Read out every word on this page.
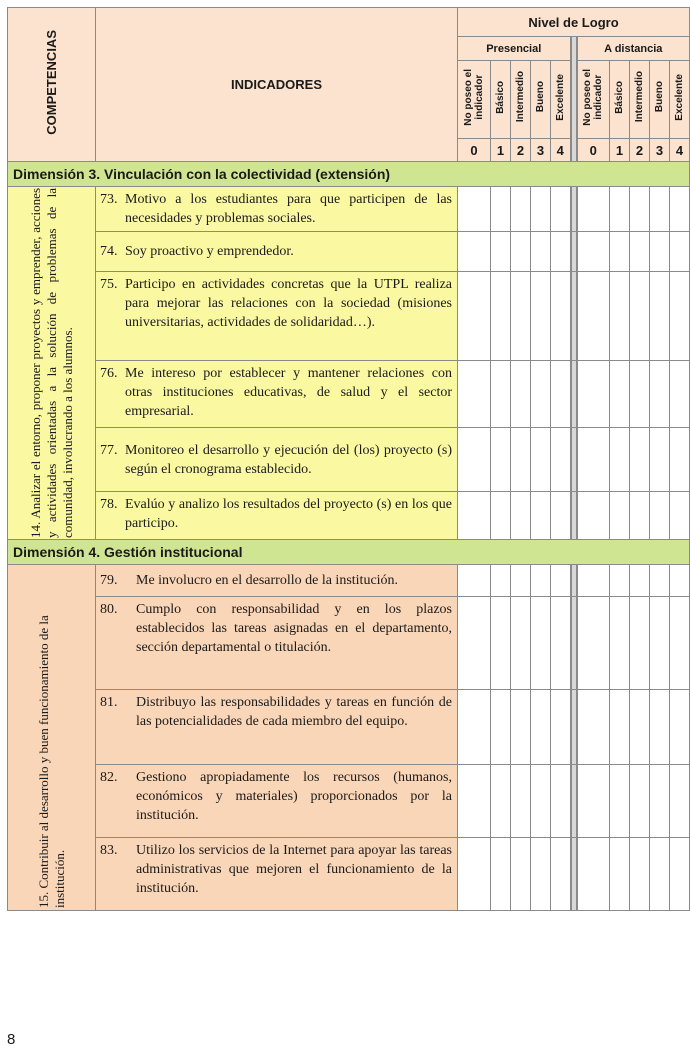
COMPETENCIAS	INDICADORES	Nivel de Logro										
		Presencial						A distancia				
		No poseo el
indicador	Básico	Intermedio	Bueno	Excelente		No poseo el
indicador	Básico	Intermedio	Bueno	Excelente
		0	1	2	3	4		0	1	2	3	4
Dimensión 3. Vinculación con la colectividad (extensión)												

14. Analizar el entorno, proponer proyectos y emprender, acciones y actividades orientadas a la solución de problemas de la comunidad, involucrando a los alumnos.	73. Motivo a los estudiantes para que participen de las necesidades y problemas sociales.											

	74. Soy proactivo y emprendedor.											

	75. Participo en actividades concretas que la UTPL realiza para mejorar las relaciones con la sociedad (misiones universitarias, actividades de solidaridad…).											

	76. Me intereso por establecer y mantener relaciones con otras instituciones educativas, de salud y el sector empresarial.											

	77. Monitoreo el desarrollo y ejecución del (los) proyecto (s) según el cronograma establecido.											

	78. Evalúo y analizo los resultados del proyecto (s) en los que participo.											

Dimensión 4. Gestión institucional												

15. Contribuir al desarrollo y buen funcionamiento de la institución.	79. Me involucro en el desarrollo de la institución.											

	80. Cumplo con responsabilidad y en los plazos establecidos las tareas asignadas en el departamento, sección departamental o titulación.											

	81. Distribuyo las responsabilidades y tareas en función de las potencialidades de cada miembro del equipo.											

	82. Gestiono apropiadamente los recursos (humanos, económicos y materiales) proporcionados por la institución.											

	83. Utilizo los servicios de la Internet para apoyar las tareas administrativas que mejoren el funcionamiento de la institución.											

8
